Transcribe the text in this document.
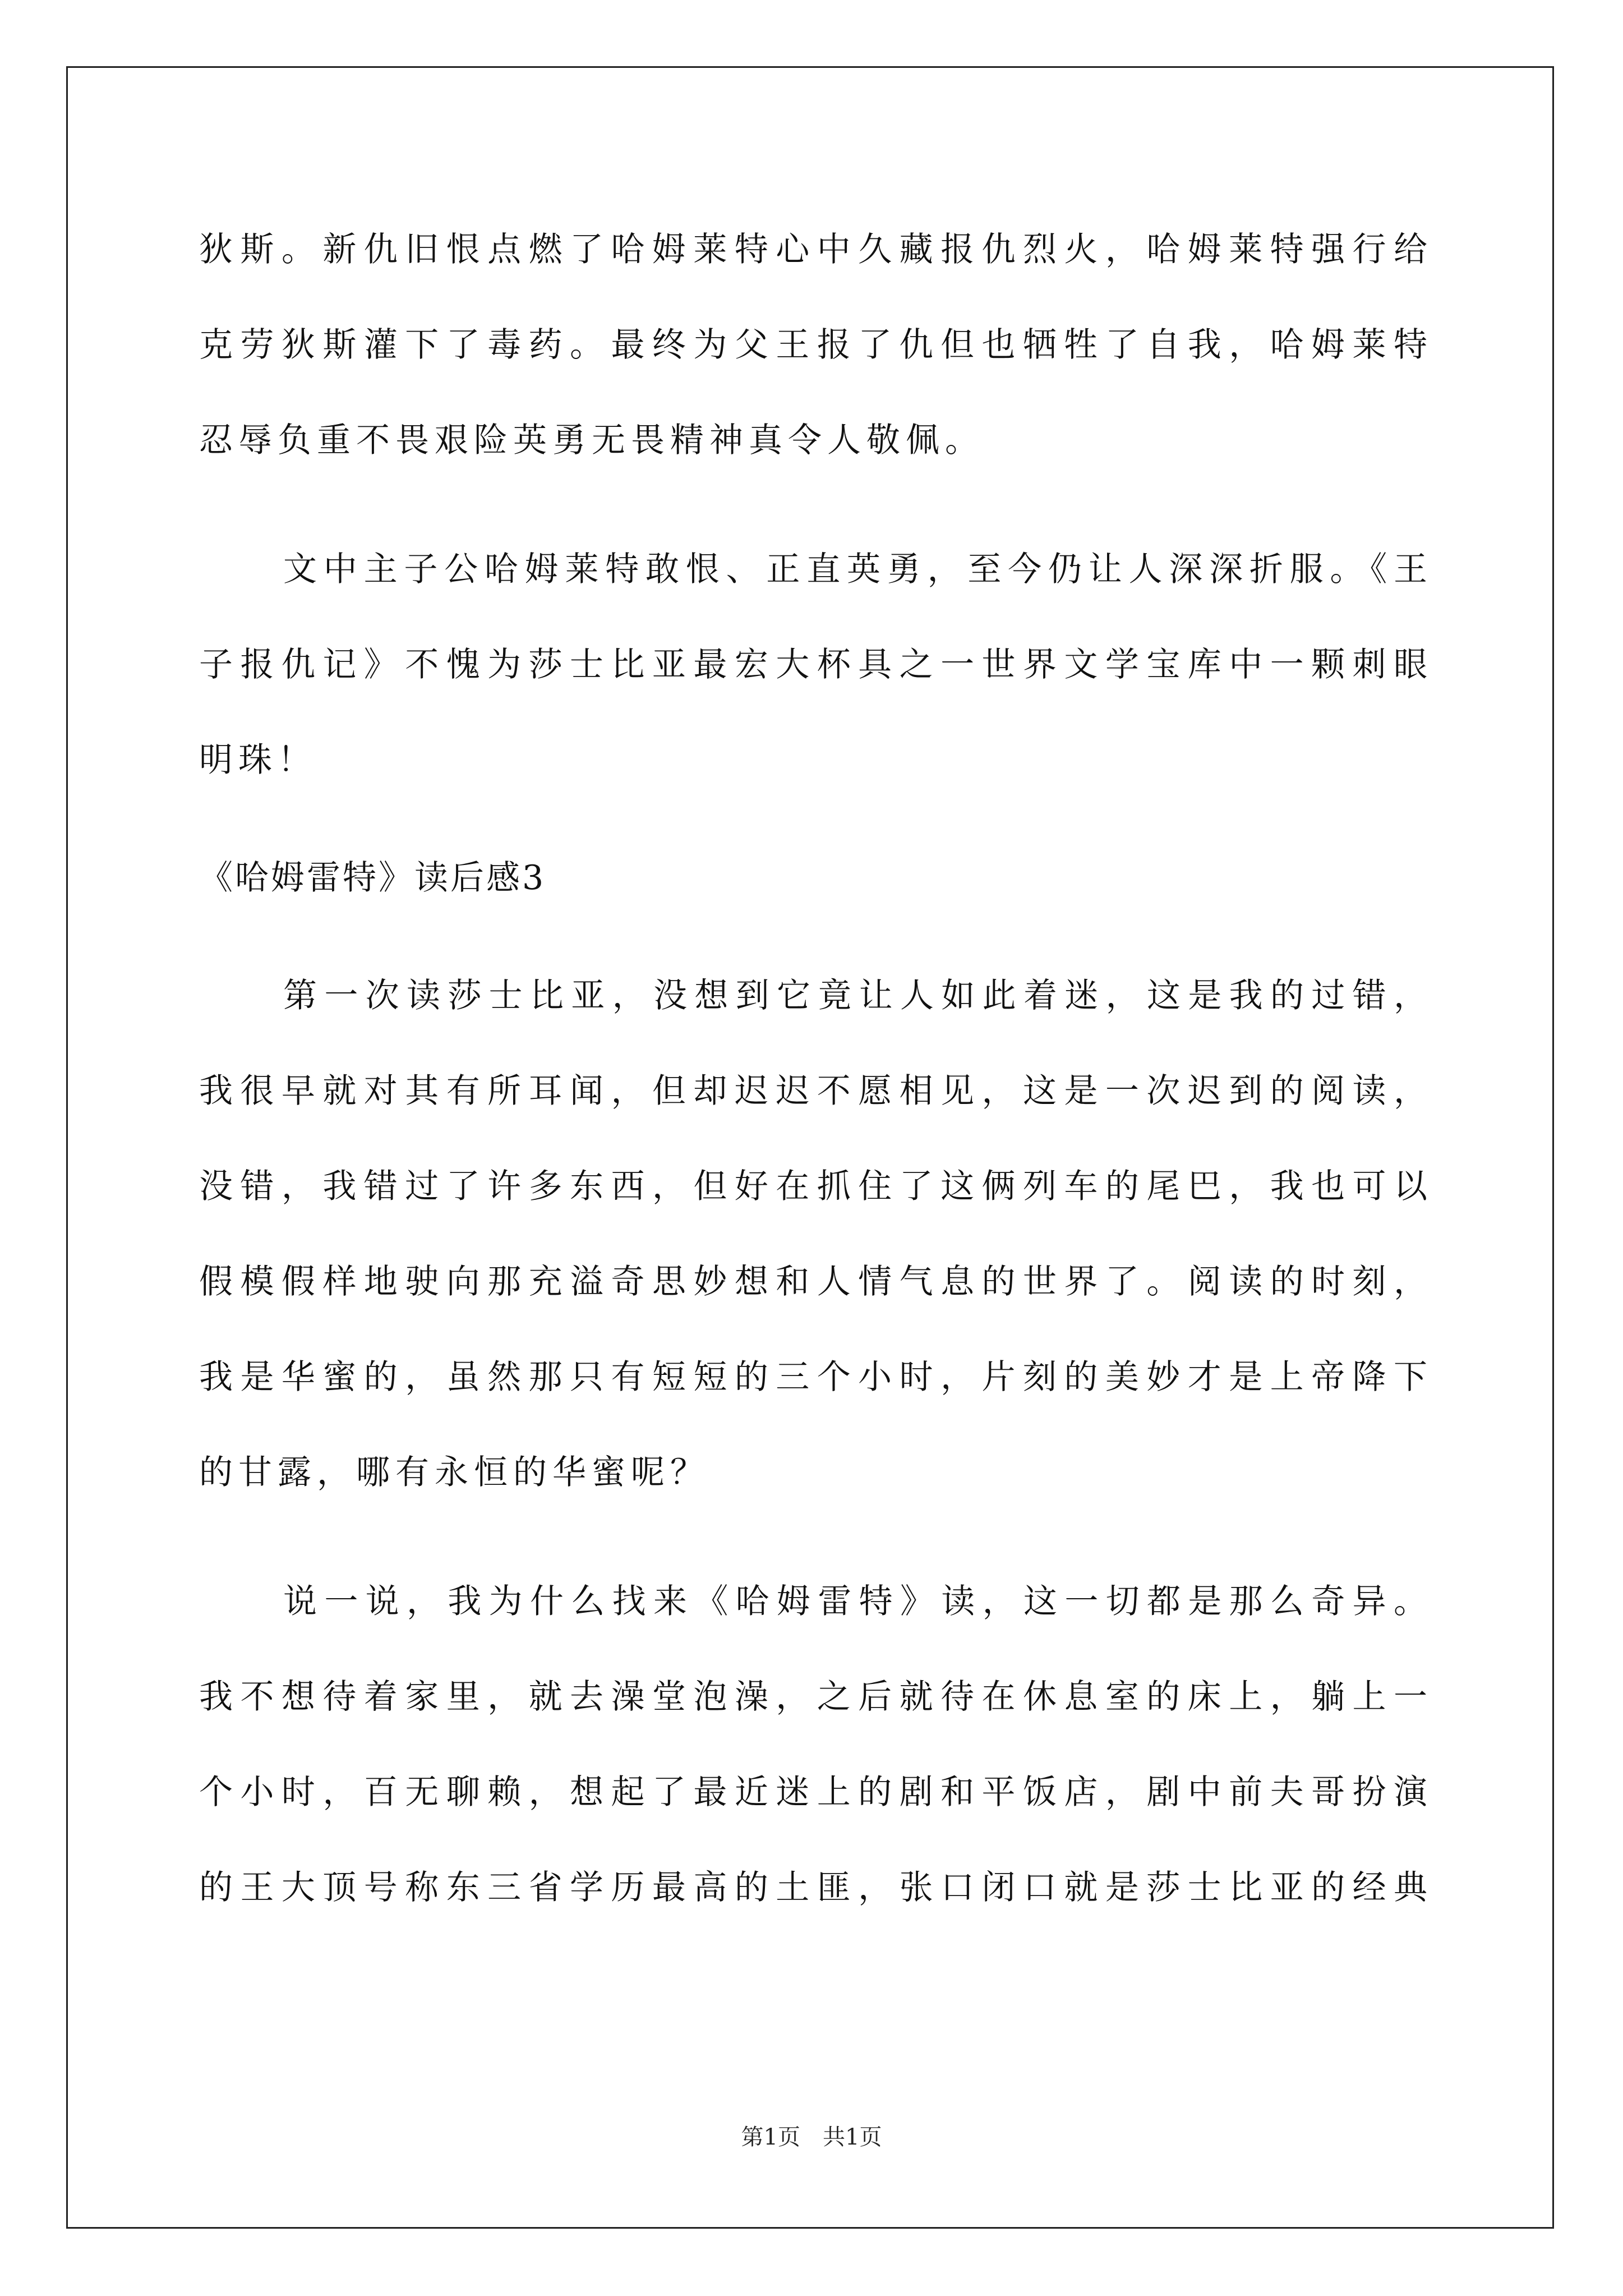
狄斯。新仇旧恨点燃了哈姆莱特心中久藏报仇烈火，哈姆莱特强行给
克劳狄斯灌下了毒药。最终为父王报了仇但也牺牲了自我，哈姆莱特
忍辱负重不畏艰险英勇无畏精神真令人敬佩。
文中主子公哈姆莱特敢恨、正直英勇，至今仍让人深深折服。《王
子报仇记》不愧为莎士比亚最宏大杯具之一世界文学宝库中一颗刺眼
明珠！
《哈姆雷特》读后感3
第一次读莎士比亚，没想到它竟让人如此着迷，这是我的过错，
我很早就对其有所耳闻，但却迟迟不愿相见，这是一次迟到的阅读，
没错，我错过了许多东西，但好在抓住了这俩列车的尾巴，我也可以
假模假样地驶向那充溢奇思妙想和人情气息的世界了。阅读的时刻，
我是华蜜的，虽然那只有短短的三个小时，片刻的美妙才是上帝降下
的甘露，哪有永恒的华蜜呢？
说一说，我为什么找来《哈姆雷特》读，这一切都是那么奇异。
我不想待着家里，就去澡堂泡澡，之后就待在休息室的床上，躺上一
个小时，百无聊赖，想起了最近迷上的剧和平饭店，剧中前夫哥扮演
的王大顶号称东三省学历最高的土匪，张口闭口就是莎士比亚的经典
第1页　共1页
